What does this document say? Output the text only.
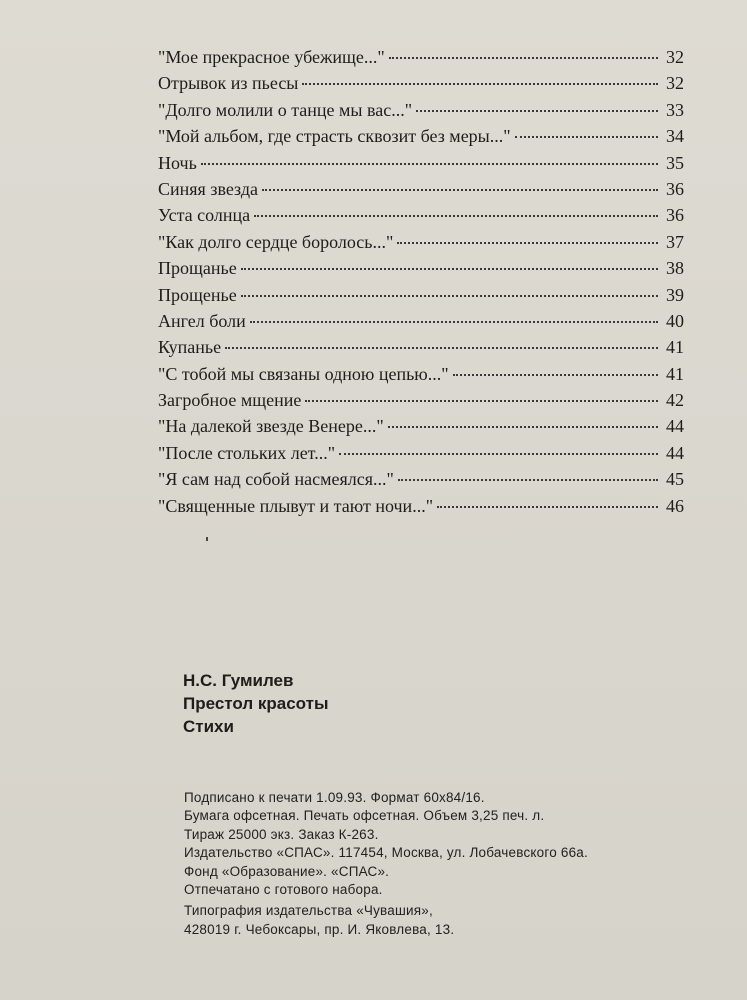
"Мое прекрасное убежище..."	32
Отрывок из пьесы	32
"Долго молили о танце мы вас..."	33
"Мой альбом, где страсть сквозит без меры..."	34
Ночь	35
Синяя звезда	36
Уста солнца	36
"Как долго сердце боролось..."	37
Прощанье	38
Прощенье	39
Ангел боли	40
Купанье	41
"С тобой мы связаны одною цепью..."	41
Загробное мщение	42
"На далекой звезде Венере..."	44
"После стольких лет..."	44
"Я сам над собой насмеялся..."	45
"Священные плывут и тают ночи..."	46
Н.С. Гумилев
Престол красоты
Стихи
Подписано к печати 1.09.93. Формат 60x84/16.
Бумага офсетная. Печать офсетная. Объем 3,25 печ. л.
Тираж 25000 экз. Заказ К-263.
Издательство «СПАС». 117454, Москва, ул. Лобачевского 66а.
Фонд «Образование». «СПАС».
Отпечатано с готового набора.
Типография издательства «Чувашия»,
428019 г. Чебоксары, пр. И. Яковлева, 13.
